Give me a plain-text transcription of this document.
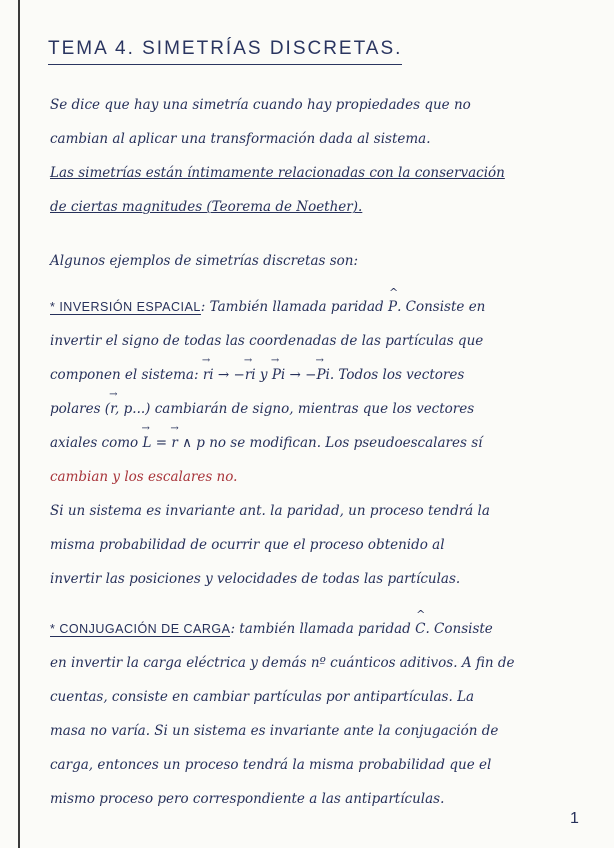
TEMA 4. SIMETRÍAS DISCRETAS.
Se dice que hay una simetría cuando hay propiedades que no
cambian al aplicar una transformación dada al sistema.
Las simetrías están íntimamente relacionadas con la conservación
de ciertas magnitudes (Teorema de Noether).
Algunos ejemplos de simetrías discretas son:
* INVERSIÓN ESPACIAL: También llamada paridad ^ P. Consiste en
invertir el signo de todas las coordenadas de las partículas que
componen el sistema: → ri → −→ ri y → Pi → −→ Pi. Todos los vectores
polares (→ r, p...) cambiarán de signo, mientras que los vectores
axiales como → L = → r ∧ p no se modifican. Los pseudoescalares sí
cambian y los escalares no.
Si un sistema es invariante ant. la paridad, un proceso tendrá la
misma probabilidad de ocurrir que el proceso obtenido al
invertir las posiciones y velocidades de todas las partículas.
* CONJUGACIÓN DE CARGA: también llamada paridad ^ C. Consiste
en invertir la carga eléctrica y demás nº cuánticos aditivos. A fin de
cuentas, consiste en cambiar partículas por antipartículas. La
masa no varía. Si un sistema es invariante ante la conjugación de
carga, entonces un proceso tendrá la misma probabilidad que el
mismo proceso pero correspondiente a las antipartículas.
1
